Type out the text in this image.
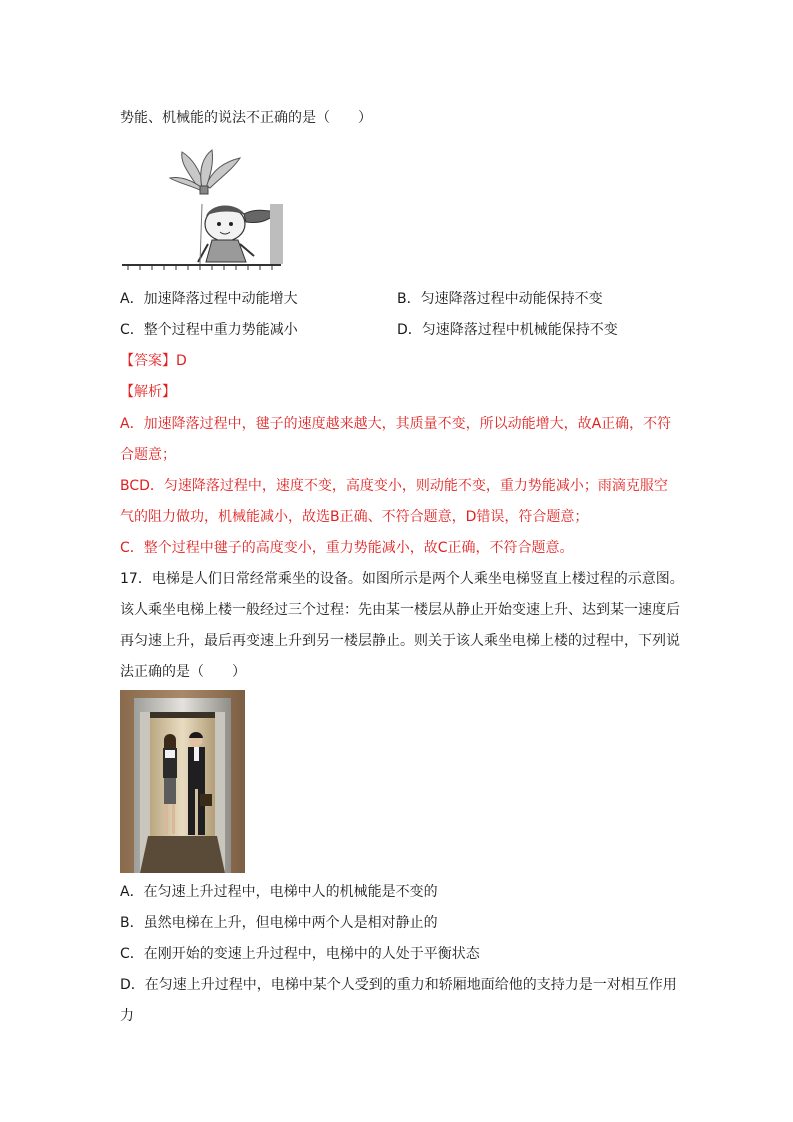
势能、机械能的说法不正确的是（　　）
A．加速降落过程中动能增大	B．匀速降落过程中动能保持不变
C．整个过程中重力势能减小	D．匀速降落过程中机械能保持不变
【答案】D
【解析】
A．加速降落过程中，毽子的速度越来越大，其质量不变，所以动能增大，故A正确，不符
合题意；
BCD．匀速降落过程中，速度不变，高度变小，则动能不变，重力势能减小；雨滴克服空
气的阻力做功，机械能减小，故选B正确、不符合题意，D错误，符合题意；
C．整个过程中毽子的高度变小，重力势能减小，故C正确，不符合题意。
17．电梯是人们日常经常乘坐的设备。如图所示是两个人乘坐电梯竖直上楼过程的示意图。
该人乘坐电梯上楼一般经过三个过程：先由某一楼层从静止开始变速上升、达到某一速度后
再匀速上升，最后再变速上升到另一楼层静止。则关于该人乘坐电梯上楼的过程中，下列说
法正确的是（　　）
A．在匀速上升过程中，电梯中人的机械能是不变的
B．虽然电梯在上升，但电梯中两个人是相对静止的
C．在刚开始的变速上升过程中，电梯中的人处于平衡状态
D．在匀速上升过程中，电梯中某个人受到的重力和轿厢地面给他的支持力是一对相互作用
力
